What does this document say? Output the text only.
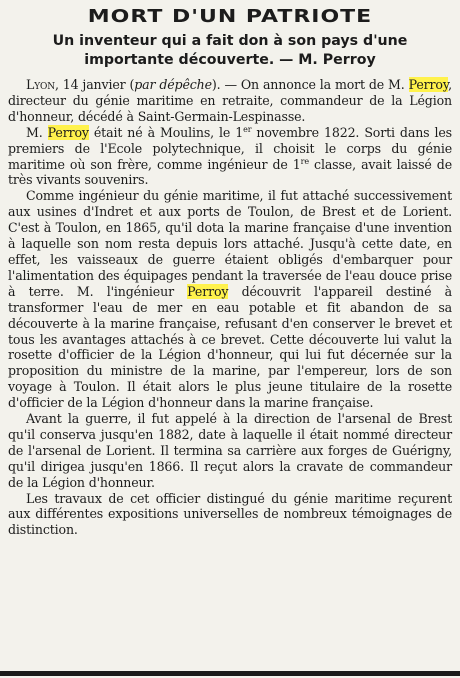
MORT D'UN PATRIOTE
Un inventeur qui a fait don à son pays d'une importante découverte. — M. Perroy

Lyon, 14 janvier (par dépêche). — On annonce la mort de M. Perroy, directeur du génie maritime en retraite, commandeur de la Légion d'honneur, décédé à Saint-Germain-Lespinasse.

M. Perroy était né à Moulins, le 1er novembre 1822. Sorti dans les premiers de l'Ecole polytechnique, il choisit le corps du génie maritime où son frère, comme ingénieur de 1re classe, avait laissé de très vivants souvenirs.

Comme ingénieur du génie maritime, il fut attaché successivement aux usines d'Indret et aux ports de Toulon, de Brest et de Lorient. C'est à Toulon, en 1865, qu'il dota la marine française d'une invention à laquelle son nom resta depuis lors attaché. Jusqu'à cette date, en effet, les vaisseaux de guerre étaient obligés d'embarquer pour l'alimentation des équipages pendant la traversée de l'eau douce prise à terre. M. l'ingénieur Perroy découvrit l'appareil destiné à transformer l'eau de mer en eau potable et fit abandon de sa découverte à la marine française, refusant d'en conserver le brevet et tous les avantages attachés à ce brevet. Cette découverte lui valut la rosette d'officier de la Légion d'honneur, qui lui fut décernée sur la proposition du ministre de la marine, par l'empereur, lors de son voyage à Toulon. Il était alors le plus jeune titulaire de la rosette d'officier de la Légion d'honneur dans la marine française.

Avant la guerre, il fut appelé à la direction de l'arsenal de Brest qu'il conserva jusqu'en 1882, date à laquelle il était nommé directeur de l'arsenal de Lorient. Il termina sa carrière aux forges de Guérigny, qu'il dirigea jusqu'en 1866. Il reçut alors la cravate de commandeur de la Légion d'honneur.

Les travaux de cet officier distingué du génie maritime reçurent aux différentes expositions universelles de nombreux témoignages de distinction.
